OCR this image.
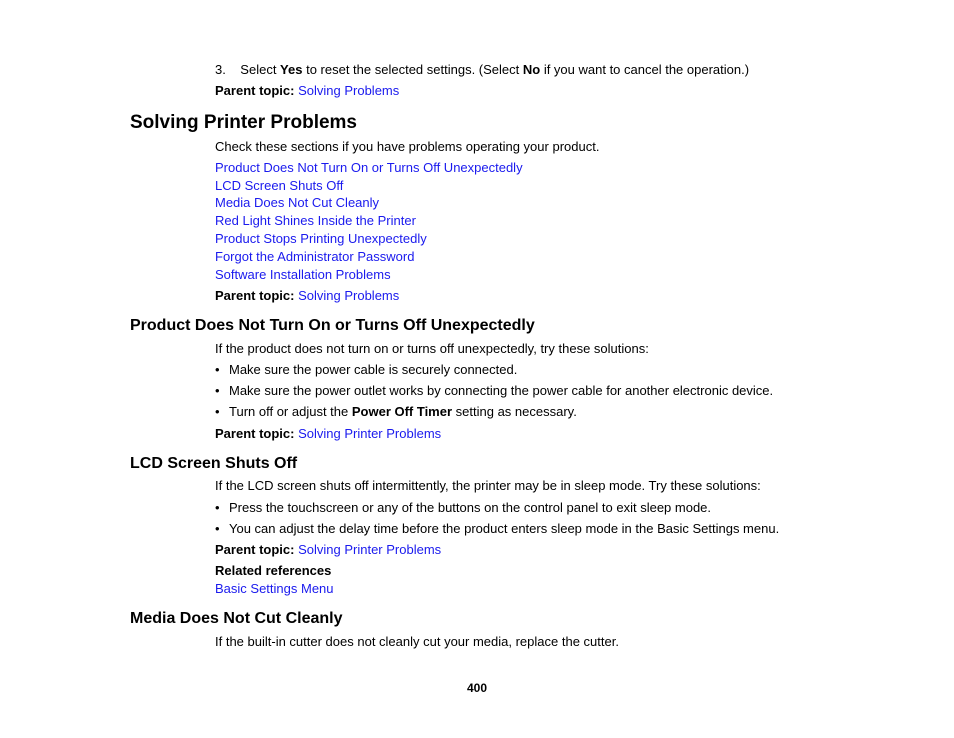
3. Select Yes to reset the selected settings. (Select No if you want to cancel the operation.)
Parent topic: Solving Problems
Solving Printer Problems
Check these sections if you have problems operating your product.
Product Does Not Turn On or Turns Off Unexpectedly
LCD Screen Shuts Off
Media Does Not Cut Cleanly
Red Light Shines Inside the Printer
Product Stops Printing Unexpectedly
Forgot the Administrator Password
Software Installation Problems
Parent topic: Solving Problems
Product Does Not Turn On or Turns Off Unexpectedly
If the product does not turn on or turns off unexpectedly, try these solutions:
• Make sure the power cable is securely connected.
• Make sure the power outlet works by connecting the power cable for another electronic device.
• Turn off or adjust the Power Off Timer setting as necessary.
Parent topic: Solving Printer Problems
LCD Screen Shuts Off
If the LCD screen shuts off intermittently, the printer may be in sleep mode. Try these solutions:
• Press the touchscreen or any of the buttons on the control panel to exit sleep mode.
• You can adjust the delay time before the product enters sleep mode in the Basic Settings menu.
Parent topic: Solving Printer Problems
Related references
Basic Settings Menu
Media Does Not Cut Cleanly
If the built-in cutter does not cleanly cut your media, replace the cutter.
400
